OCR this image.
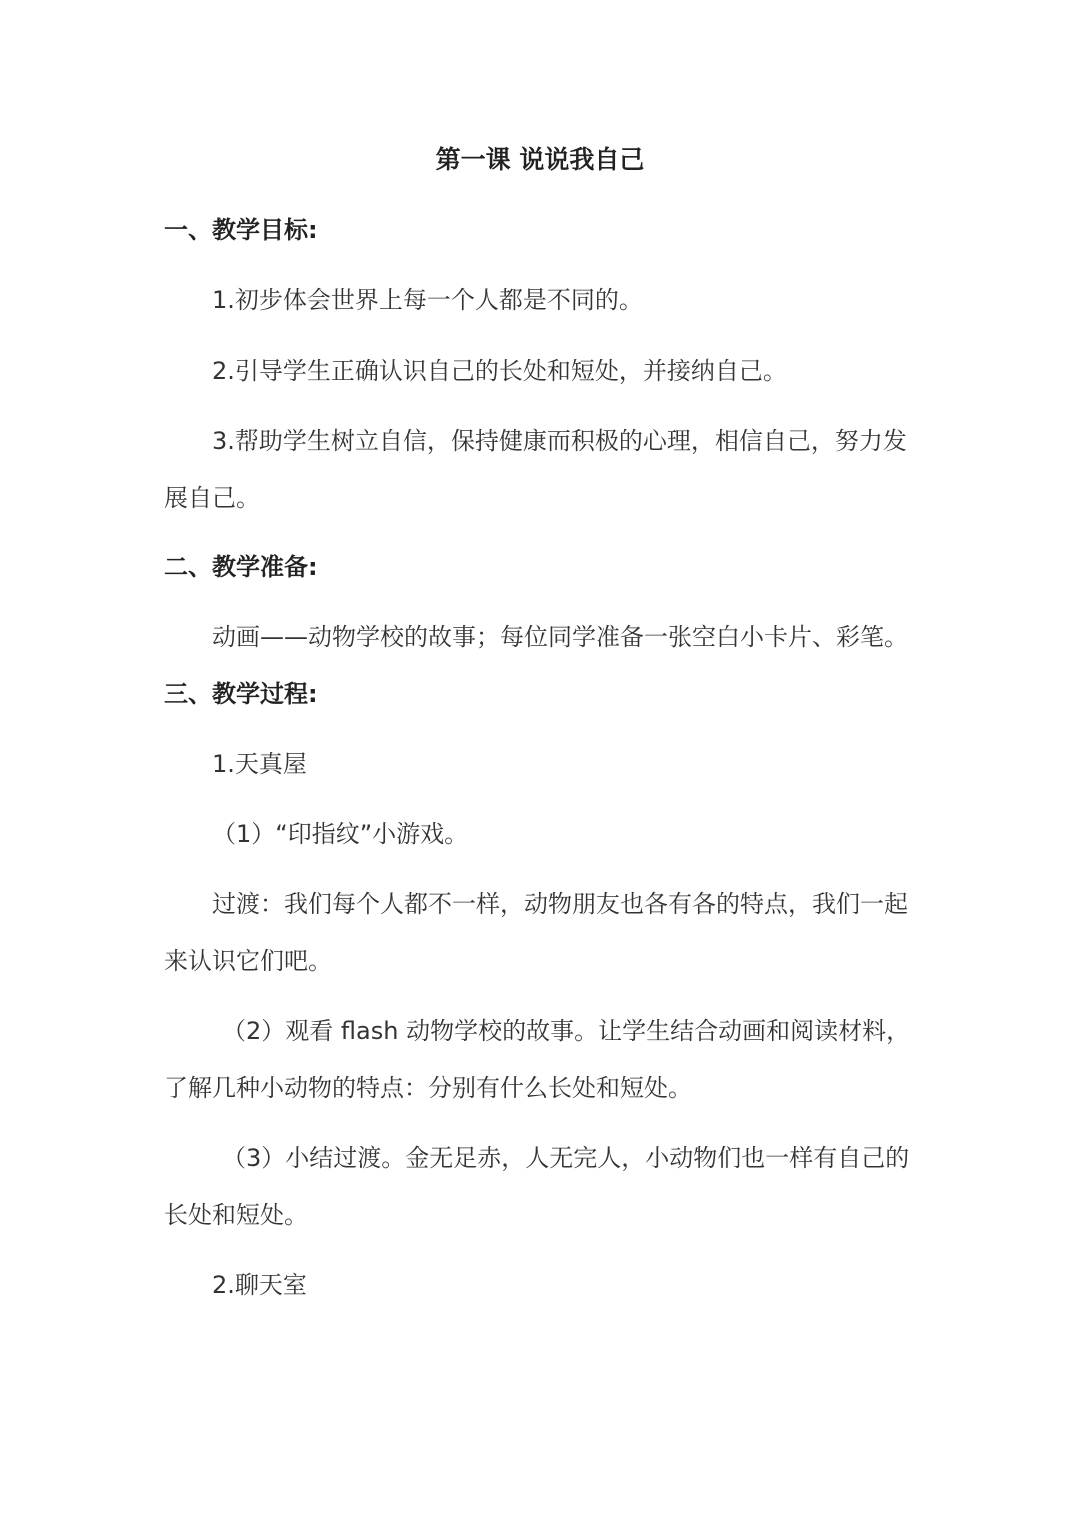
第一课 说说我自己
一、教学目标:
1.初步体会世界上每一个人都是不同的。
2.引导学生正确认识自己的长处和短处，并接纳自己。
3.帮助学生树立自信，保持健康而积极的心理，相信自己，努力发
展自己。
二、教学准备:
动画——动物学校的故事；每位同学准备一张空白小卡片、彩笔。
三、教学过程:
1.天真屋
（1）“印指纹”小游戏。
过渡：我们每个人都不一样，动物朋友也各有各的特点，我们一起
来认识它们吧。
（2）观看 flash 动物学校的故事。让学生结合动画和阅读材料，
了解几种小动物的特点：分别有什么长处和短处。
（3）小结过渡。金无足赤，人无完人，小动物们也一样有自己的
长处和短处。
2.聊天室
